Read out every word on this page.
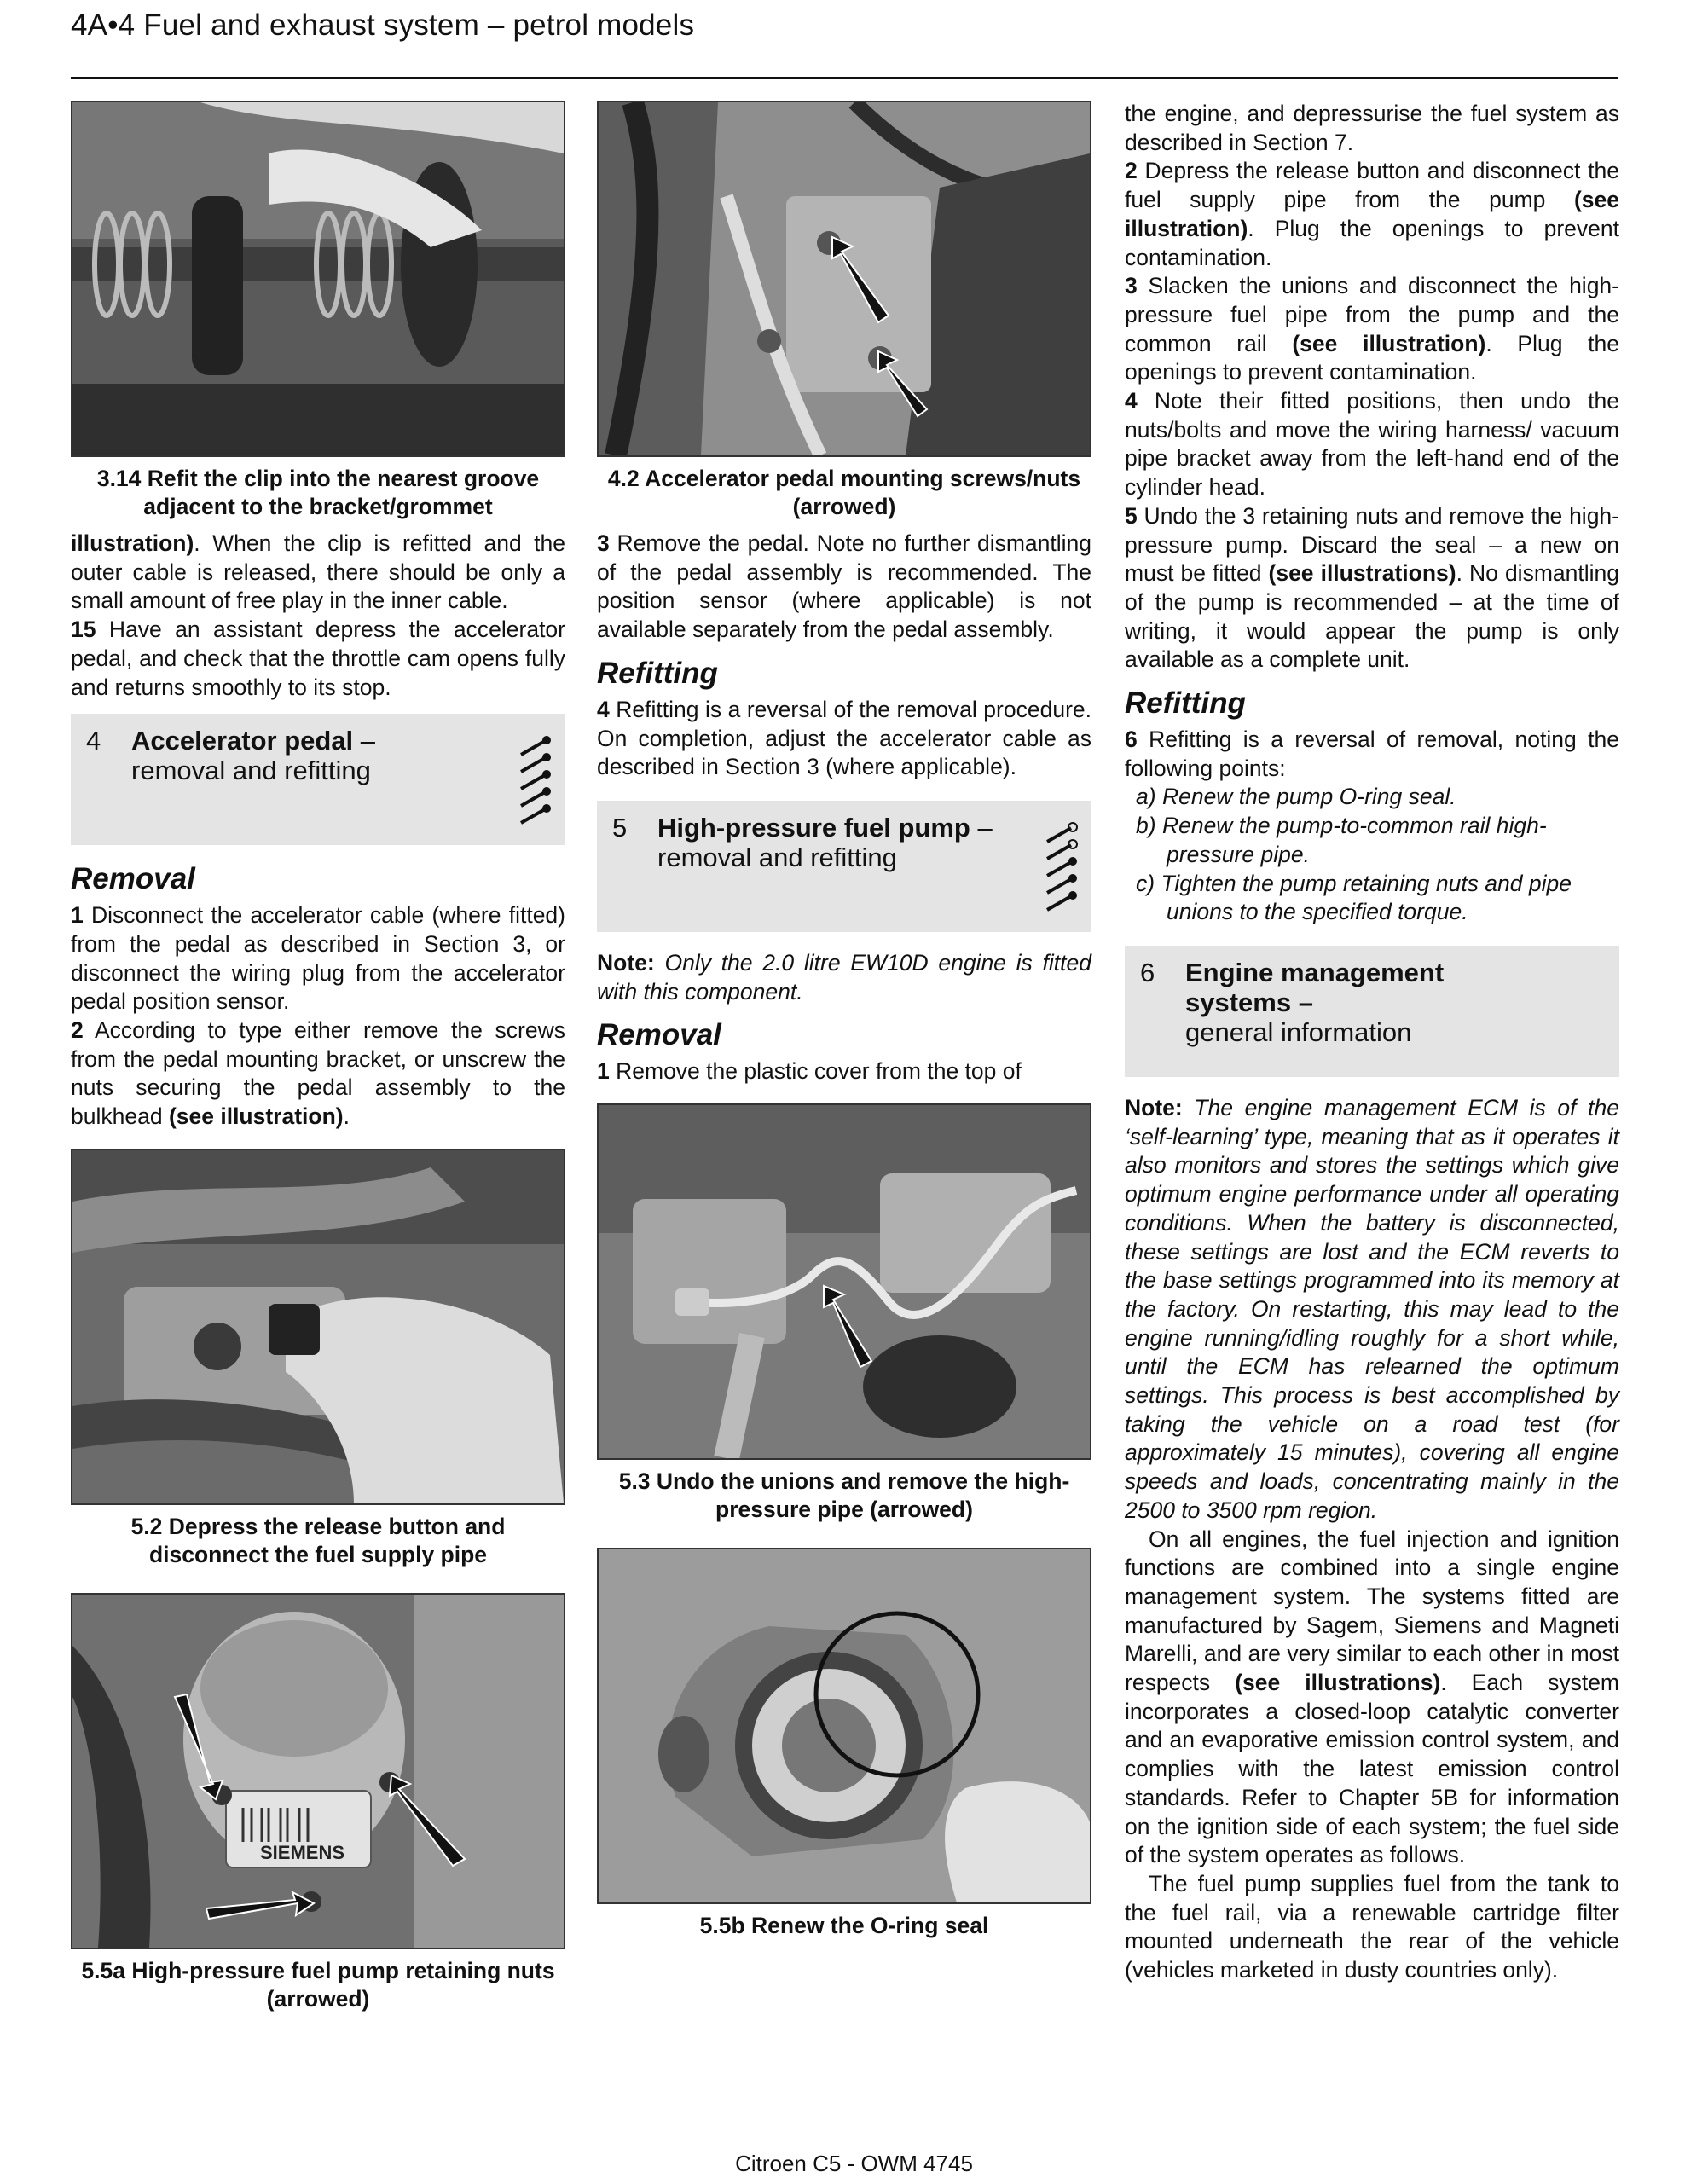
4A•4 Fuel and exhaust system – petrol models
3.14 Refit the clip into the nearest groove adjacent to the bracket/grommet

illustration). When the clip is refitted and the outer cable is released, there should be only a small amount of free play in the inner cable.

15 Have an assistant depress the accelerator pedal, and check that the throttle cam opens fully and returns smoothly to its stop.

4 Accelerator pedal –
removal and refitting
Removal

1 Disconnect the accelerator cable (where fitted) from the pedal as described in Section 3, or disconnect the wiring plug from the accelerator pedal position sensor.

2 According to type either remove the screws from the pedal mounting bracket, or unscrew the nuts securing the pedal assembly to the bulkhead (see illustration).

5.2 Depress the release button and disconnect the fuel supply pipe
SIEMENS
5.5a High-pressure fuel pump retaining nuts (arrowed)
4.2 Accelerator pedal mounting screws/nuts (arrowed)

3 Remove the pedal. Note no further dismantling of the pedal assembly is recommended. The position sensor (where applicable) is not available separately from the pedal assembly.

Refitting

4 Refitting is a reversal of the removal procedure. On completion, adjust the accelerator cable as described in Section 3 (where applicable).

5 High-pressure fuel pump –
removal and refitting

Note: Only the 2.0 litre EW10D engine is fitted with this component.

Removal

1 Remove the plastic cover from the top of

5.3 Undo the unions and remove the high-pressure pipe (arrowed)
5.5b Renew the O-ring seal

the engine, and depressurise the fuel system as described in Section 7.

2 Depress the release button and disconnect the fuel supply pipe from the pump (see illustration). Plug the openings to prevent contamination.

3 Slacken the unions and disconnect the high-pressure fuel pipe from the pump and the common rail (see illustration). Plug the openings to prevent contamination.

4 Note their fitted positions, then undo the nuts/bolts and move the wiring harness/ vacuum pipe bracket away from the left-hand end of the cylinder head.

5 Undo the 3 retaining nuts and remove the high-pressure pump. Discard the seal – a new on must be fitted (see illustrations). No dismantling of the pump is recommended – at the time of writing, it would appear the pump is only available as a complete unit.

Refitting

6 Refitting is a reversal of removal, noting the following points:

a) Renew the pump O-ring seal.
b) Renew the pump-to-common rail high-pressure pipe.
c) Tighten the pump retaining nuts and pipe unions to the specified torque.
6 Engine management
systems –
general information

Note: The engine management ECM is of the ‘self-learning’ type, meaning that as it operates it also monitors and stores the settings which give optimum engine performance under all operating conditions. When the battery is disconnected, these settings are lost and the ECM reverts to the base settings programmed into its memory at the factory. On restarting, this may lead to the engine running/idling roughly for a short while, until the ECM has relearned the optimum settings. This process is best accomplished by taking the vehicle on a road test (for approximately 15 minutes), covering all engine speeds and loads, concentrating mainly in the 2500 to 3500 rpm region.

On all engines, the fuel injection and ignition functions are combined into a single engine management system. The systems fitted are manufactured by Sagem, Siemens and Magneti Marelli, and are very similar to each other in most respects (see illustrations). Each system incorporates a closed-loop catalytic converter and an evaporative emission control system, and complies with the latest emission control standards. Refer to Chapter 5B for information on the ignition side of each system; the fuel side of the system operates as follows.

The fuel pump supplies fuel from the tank to the fuel rail, via a renewable cartridge filter mounted underneath the rear of the vehicle (vehicles marketed in dusty countries only).

Citroen C5 - OWM 4745
